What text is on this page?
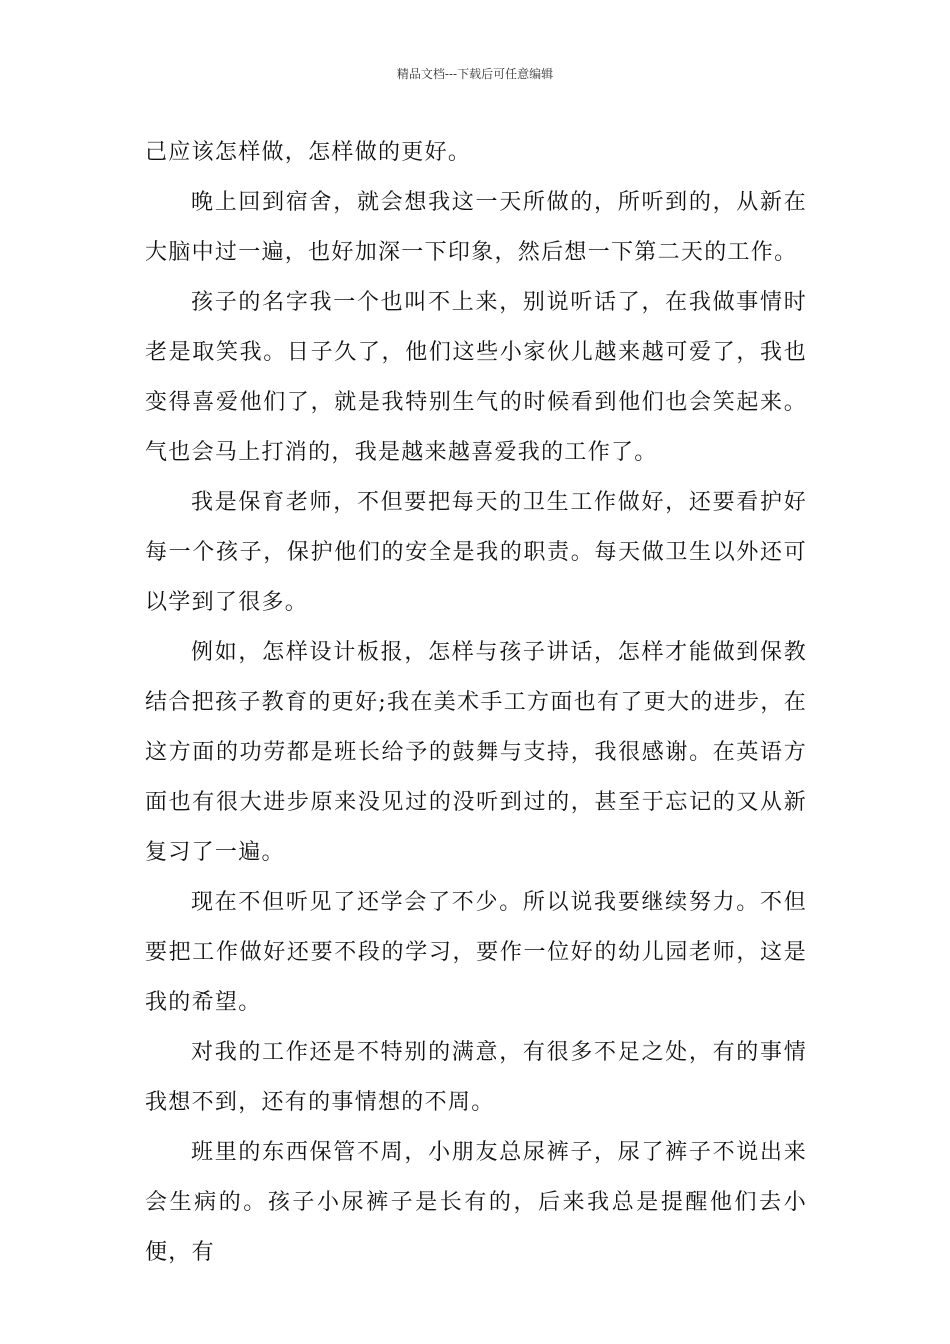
精品文档---下载后可任意编辑

己应该怎样做，怎样做的更好。

晚上回到宿舍，就会想我这一天所做的，所听到的，从新在大脑中过一遍，也好加深一下印象，然后想一下第二天的工作。

孩子的名字我一个也叫不上来，别说听话了，在我做事情时老是取笑我。日子久了，他们这些小家伙儿越来越可爱了，我也变得喜爱他们了，就是我特别生气的时候看到他们也会笑起来。气也会马上打消的，我是越来越喜爱我的工作了。

我是保育老师，不但要把每天的卫生工作做好，还要看护好每一个孩子，保护他们的安全是我的职责。每天做卫生以外还可以学到了很多。

例如，怎样设计板报，怎样与孩子讲话，怎样才能做到保教结合把孩子教育的更好;我在美术手工方面也有了更大的进步，在这方面的功劳都是班长给予的鼓舞与支持，我很感谢。在英语方面也有很大进步原来没见过的没听到过的，甚至于忘记的又从新复习了一遍。

现在不但听见了还学会了不少。所以说我要继续努力。不但要把工作做好还要不段的学习，要作一位好的幼儿园老师，这是我的希望。

对我的工作还是不特别的满意，有很多不足之处，有的事情我想不到，还有的事情想的不周。

班里的东西保管不周，小朋友总尿裤子，尿了裤子不说出来会生病的。孩子小尿裤子是长有的，后来我总是提醒他们去小便，有
